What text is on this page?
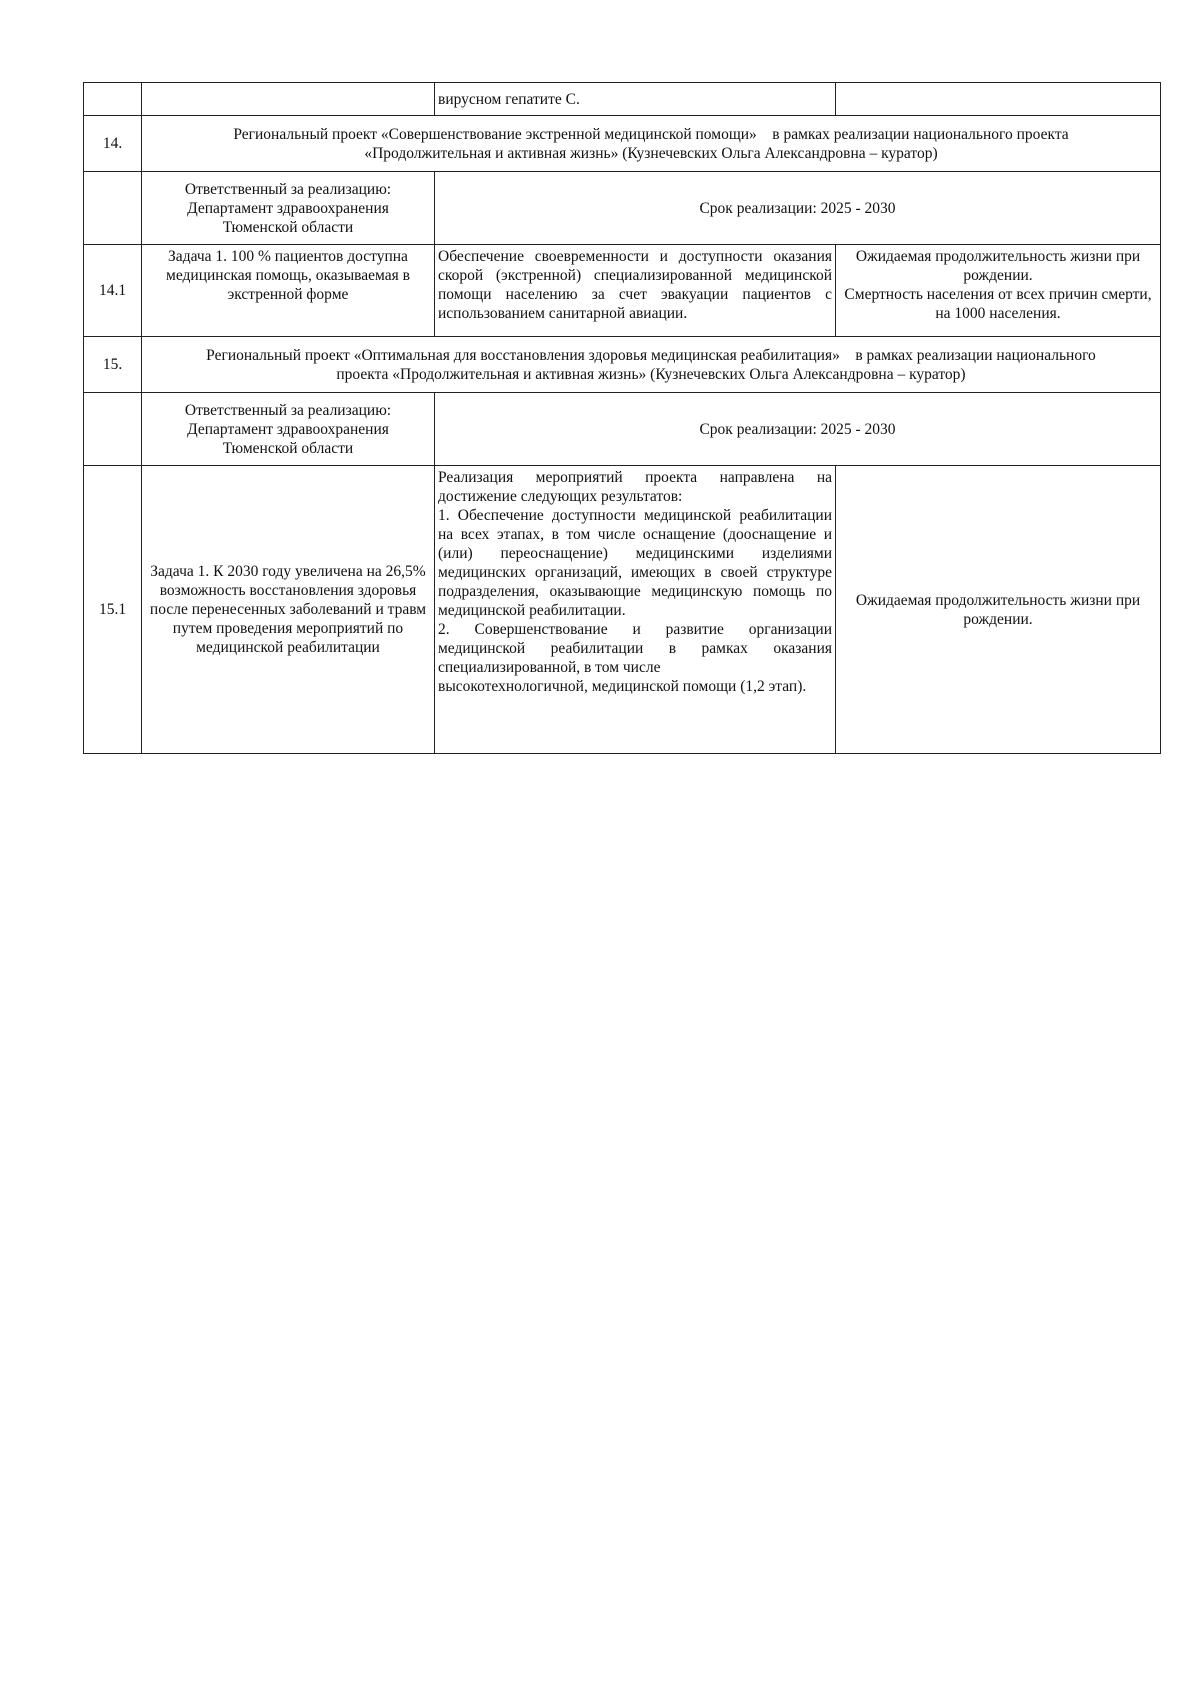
		вирусном гепатите С.	
14.	Региональный проект «Совершенствование экстренной медицинской помощи»    в рамках реализации национального проекта
«Продолжительная и активная жизнь» (Кузнечевских Ольга Александровна – куратор)		

	Ответственный за реализацию:
Департамент здравоохранения
Тюменской области	Срок реализации: 2025 - 2030	
14.1	Задача 1. 100 % пациентов доступна медицинская помощь, оказываемая в экстренной форме	Обеспечение своевременности и доступности оказания скорой (экстренной) специализированной медицинской помощи населению за счет эвакуации пациентов с использованием санитарной авиации.	Ожидаемая продолжительность жизни при рождении.
Смертность населения от всех причин смерти, на 1000 населения.

15.	Региональный проект «Оптимальная для восстановления здоровья медицинская реабилитация»    в рамках реализации национального
проекта «Продолжительная и активная жизнь» (Кузнечевских Ольга Александровна – куратор)		

	Ответственный за реализацию:
Департамент здравоохранения
Тюменской области	Срок реализации: 2025 - 2030	
15.1	Задача 1. К 2030 году увеличена на 26,5% возможность восстановления здоровья после перенесенных заболеваний и травм путем проведения мероприятий по медицинской реабилитации	Реализация мероприятий проекта направлена на достижение следующих результатов:
1. Обеспечение доступности медицинской реабилитации на всех этапах, в том числе оснащение (дооснащение и (или) переоснащение) медицинскими изделиями медицинских организаций, имеющих в своей структуре подразделения, оказывающие медицинскую помощь по медицинской реабилитации.
2. Совершенствование и развитие организации медицинской реабилитации в рамках оказания специализированной, в том числе
высокотехнологичной, медицинской помощи (1,2 этап).	Ожидаемая продолжительность жизни при рождении.
